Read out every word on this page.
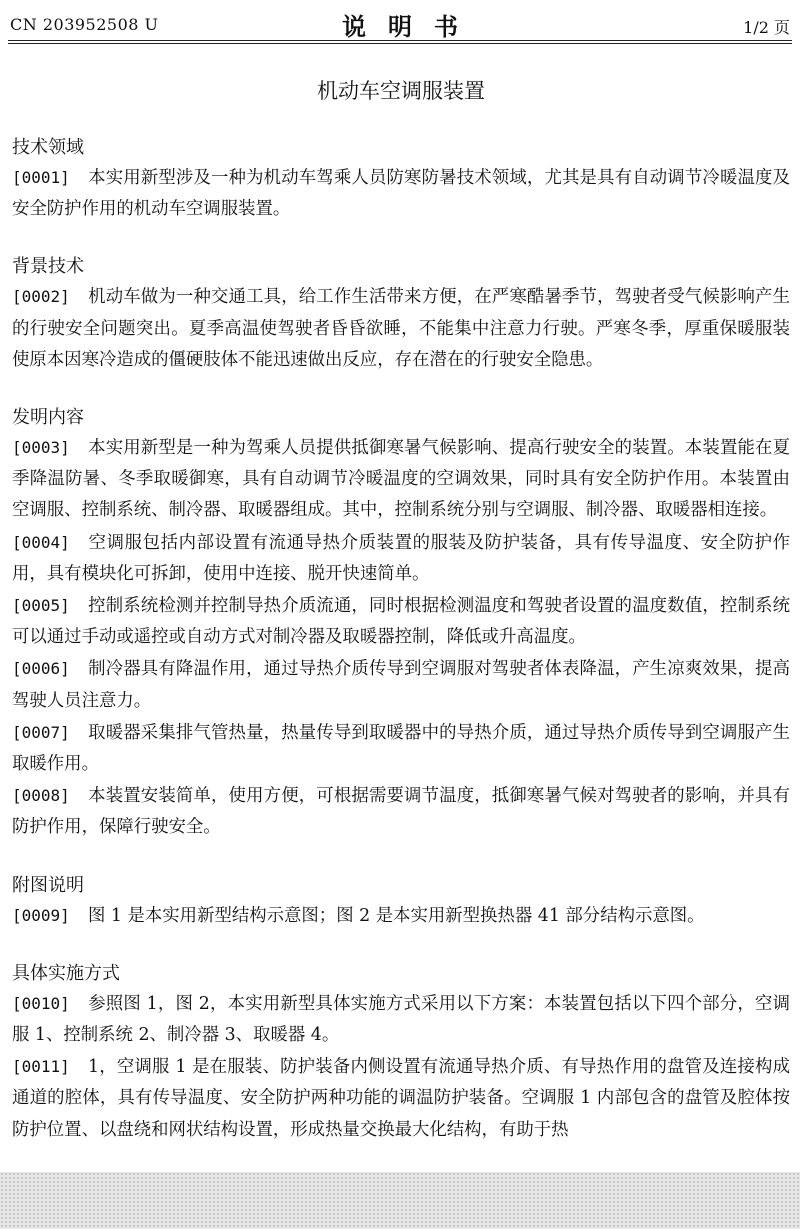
CN 203952508 U	说明书	1/2 页
机动车空调服装置
技术领域

[0001] 本实用新型涉及一种为机动车驾乘人员防寒防暑技术领域，尤其是具有自动调节冷暖温度及安全防护作用的机动车空调服装置。

背景技术

[0002] 机动车做为一种交通工具，给工作生活带来方便，在严寒酷暑季节，驾驶者受气候影响产生的行驶安全问题突出。夏季高温使驾驶者昏昏欲睡，不能集中注意力行驶。严寒冬季，厚重保暖服装使原本因寒冷造成的僵硬肢体不能迅速做出反应，存在潜在的行驶安全隐患。

发明内容

[0003] 本实用新型是一种为驾乘人员提供抵御寒暑气候影响、提高行驶安全的装置。本装置能在夏季降温防暑、冬季取暖御寒，具有自动调节冷暖温度的空调效果，同时具有安全防护作用。本装置由空调服、控制系统、制冷器、取暖器组成。其中，控制系统分别与空调服、制冷器、取暖器相连接。

[0004] 空调服包括内部设置有流通导热介质装置的服装及防护装备，具有传导温度、安全防护作用，具有模块化可拆卸，使用中连接、脱开快速简单。

[0005] 控制系统检测并控制导热介质流通，同时根据检测温度和驾驶者设置的温度数值，控制系统可以通过手动或遥控或自动方式对制冷器及取暖器控制，降低或升高温度。

[0006] 制冷器具有降温作用，通过导热介质传导到空调服对驾驶者体表降温，产生凉爽效果，提高驾驶人员注意力。

[0007] 取暖器采集排气管热量，热量传导到取暖器中的导热介质，通过导热介质传导到空调服产生取暖作用。

[0008] 本装置安装简单，使用方便，可根据需要调节温度，抵御寒暑气候对驾驶者的影响，并具有防护作用，保障行驶安全。

附图说明

[0009] 图 1 是本实用新型结构示意图；图 2 是本实用新型换热器 41 部分结构示意图。

具体实施方式

[0010] 参照图 1，图 2，本实用新型具体实施方式采用以下方案：本装置包括以下四个部分，空调服 1、控制系统 2、制冷器 3、取暖器 4。

[0011] 1，空调服 1 是在服装、防护装备内侧设置有流通导热介质、有导热作用的盘管及连接构成通道的腔体，具有传导温度、安全防护两种功能的调温防护装备。空调服 1 内部包含的盘管及腔体按防护位置、以盘绕和网状结构设置，形成热量交换最大化结构，有助于热
